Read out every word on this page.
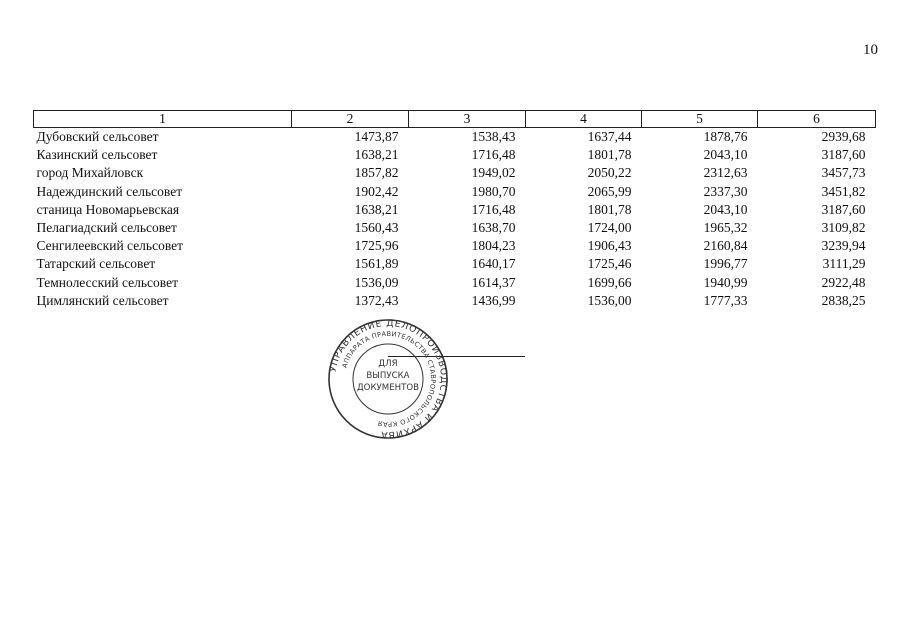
10
1	2	3	4	5	6
Дубовский сельсовет	1473,87	1538,43	1637,44	1878,76	2939,68
Казинский сельсовет	1638,21	1716,48	1801,78	2043,10	3187,60
город Михайловск	1857,82	1949,02	2050,22	2312,63	3457,73
Надеждинский сельсовет	1902,42	1980,70	2065,99	2337,30	3451,82
станица Новомарьевская	1638,21	1716,48	1801,78	2043,10	3187,60
Пелагиадский сельсовет	1560,43	1638,70	1724,00	1965,32	3109,82
Сенгилеевский сельсовет	1725,96	1804,23	1906,43	2160,84	3239,94
Татарский сельсовет	1561,89	1640,17	1725,46	1996,77	3111,29
Темнолесский сельсовет	1536,09	1614,37	1699,66	1940,99	2922,48
Цимлянский сельсовет	1372,43	1436,99	1536,00	1777,33	2838,25
УПРАВЛЕНИЕ ДЕЛОПРОИЗВОДСТВА И АРХИВА
АППАРАТА ПРАВИТЕЛЬСТВА СТАВРОПОЛЬСКОГО КРАЯ
ДЛЯ
ВЫПУСКА
ДОКУМЕНТОВ
